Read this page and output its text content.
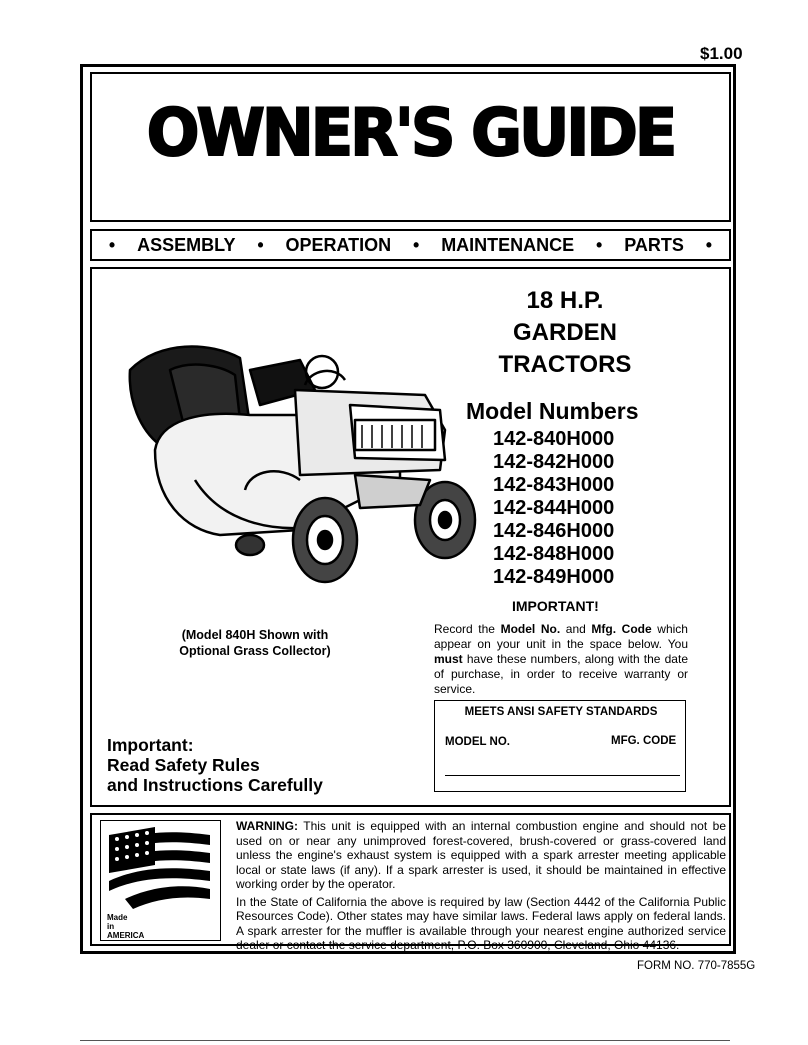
$1.00
OWNER'S GUIDE
• ASSEMBLY • OPERATION • MAINTENANCE • PARTS •
18 H.P.
GARDEN
TRACTORS
Model Numbers
142-840H000
142-842H000
142-843H000
142-844H000
142-846H000
142-848H000
142-849H000
IMPORTANT!
Record the Model No. and Mfg. Code which appear on your unit in the space below. You must have these numbers, along with the date of purchase, in order to receive warranty or service.
(Model 840H Shown with
Optional Grass Collector)
MEETS ANSI SAFETY STANDARDS
MODEL NO.	MFG. CODE
Important:
Read Safety Rules
and Instructions Carefully
Made
in
AMERICA

WARNING: This unit is equipped with an internal combustion engine and should not be used on or near any unimproved forest-covered, brush-covered or grass-covered land unless the engine's exhaust system is equipped with a spark arrester meeting applicable local or state laws (if any). If a spark arrester is used, it should be maintained in effective working order by the operator.

In the State of California the above is required by law (Section 4442 of the California Public Resources Code). Other states may have similar laws. Federal laws apply on federal lands. A spark arrester for the muffler is available through your nearest engine authorized service dealer or contact the service department, P.O. Box 360900, Cleveland, Ohio 44136.

FORM NO. 770-7855G
